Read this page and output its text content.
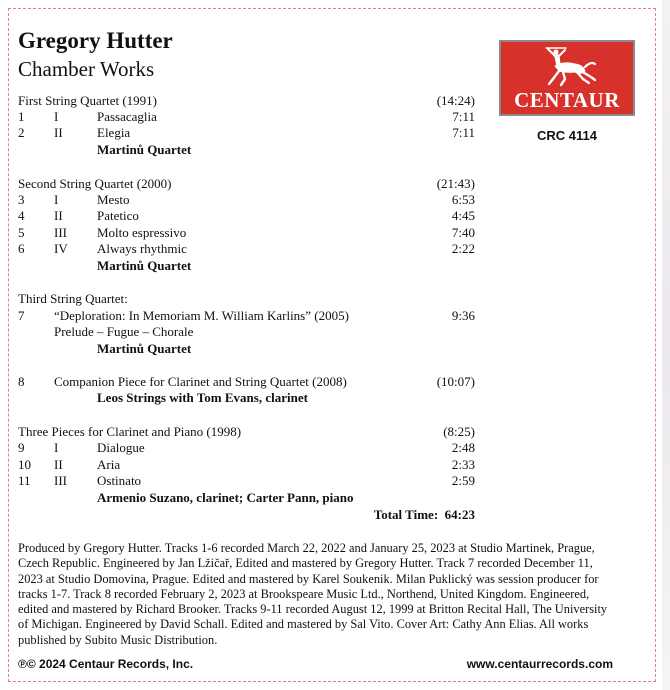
Gregory Hutter
Chamber Works
CENTAUR
CRC 4114
First String Quartet (1991)	(14:24)
1 I	Passacaglia	7:11
2 II	Elegia	7:11
Martinů Quartet
Second String Quartet (2000)	(21:43)
3 I	Mesto	6:53
4 II	Patetico	4:45
5 III Molto espressivo	7:40
6 IV Always rhythmic	2:22
Martinů Quartet
Third String Quartet:
7 “Deploration: In Memoriam M. William Karlins” (2005)	9:36
Prelude – Fugue – Chorale
Martinů Quartet
8 Companion Piece for Clarinet and String Quartet (2008)	(10:07)
Leos Strings with Tom Evans, clarinet
Three Pieces for Clarinet and Piano (1998)	(8:25)
9 I	Dialogue	2:48
10 II	Aria	2:33
11 III Ostinato	2:59
Armenio Suzano, clarinet; Carter Pann, piano
Total Time: 64:23
Produced by Gregory Hutter. Tracks 1-6 recorded March 22, 2022 and January 25, 2023 at Studio Martinek, Prague, Czech Republic. Engineered by Jan Lžičař, Edited and mastered by Gregory Hutter. Track 7 recorded December 11, 2023 at Studio Domovina, Prague. Edited and mastered by Karel Soukenik. Milan Puklický was session producer for tracks 1-7. Track 8 recorded February 2, 2023 at Brookspeare Music Ltd., Northend, United Kingdom. Engineered, edited and mastered by Richard Brooker. Tracks 9-11 recorded August 12, 1999 at Britton Recital Hall, The University of Michigan. Engineered by David Schall. Edited and mastered by Sal Vito. Cover Art: Cathy Ann Elias. All works published by Subito Music Distribution.
℗© 2024 Centaur Records, Inc.	www.centaurrecords.com
